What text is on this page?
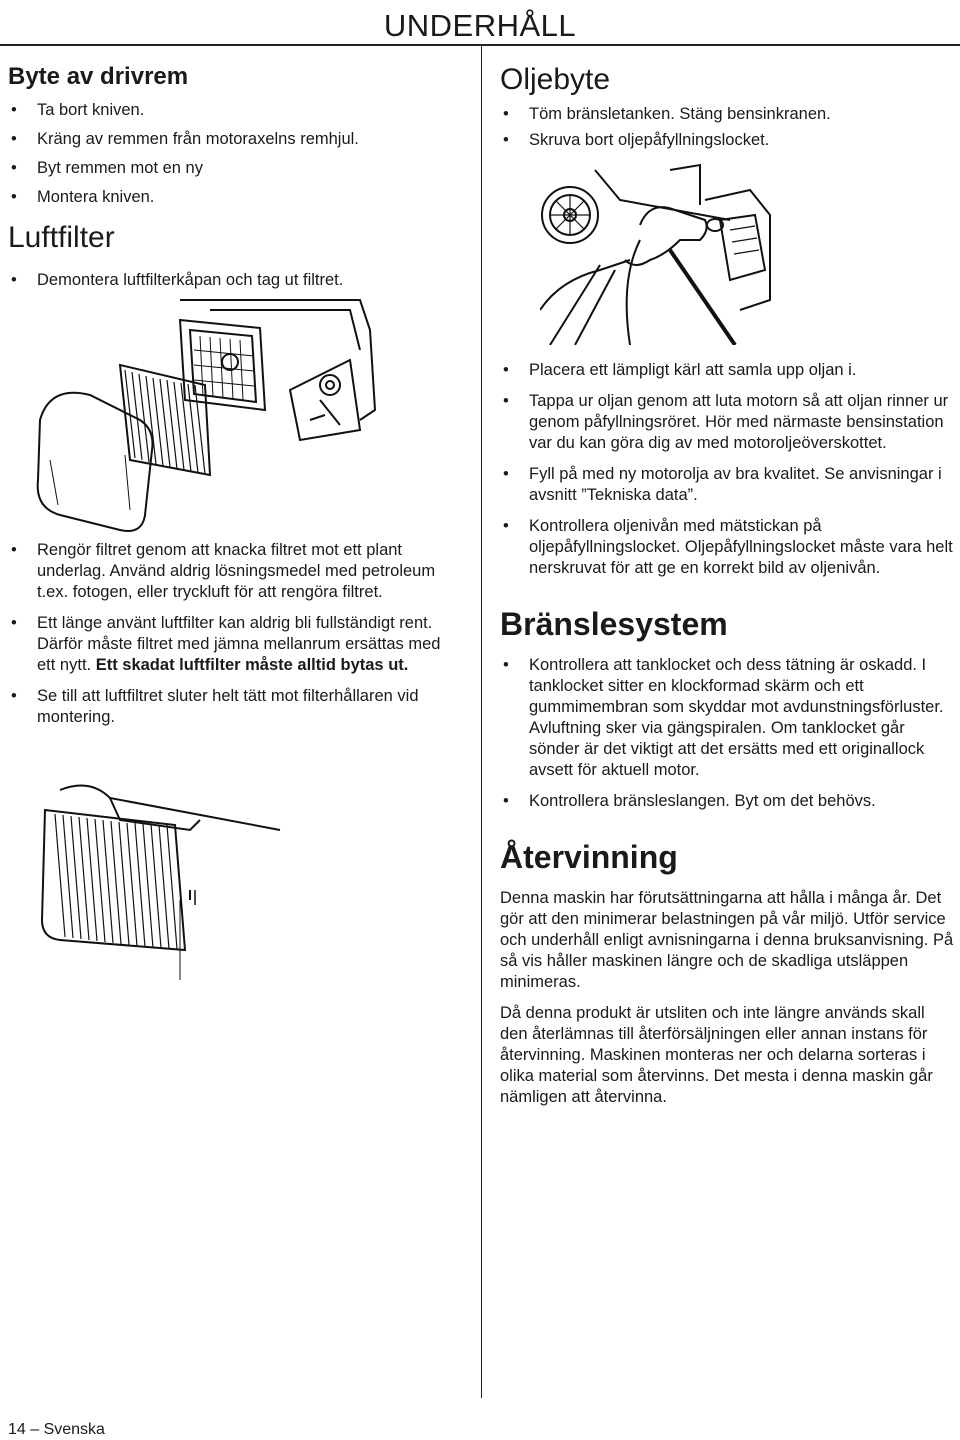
UNDERHÅLL
Byte av drivrem
• Ta bort kniven.
• Kräng av remmen från motoraxelns remhjul.
• Byt remmen mot en ny
• Montera kniven.
Luftfilter
• Demontera luftfilterkåpan och tag ut filtret.
• Rengör filtret genom att knacka filtret mot ett plant underlag. Använd aldrig lösningsmedel med petroleum t.ex. fotogen, eller tryckluft för att rengöra filtret.
• Ett länge använt luftfilter kan aldrig bli fullständigt rent. Därför måste filtret med jämna mellanrum ersättas med ett nytt. Ett skadat luftfilter måste alltid bytas ut.
• Se till att luftfiltret sluter helt tätt mot filterhållaren vid montering.
Oljebyte
• Töm bränsletanken. Stäng bensinkranen.
• Skruva bort oljepåfyllningslocket.
• Placera ett lämpligt kärl att samla upp oljan i.
• Tappa ur oljan genom att luta motorn så att oljan rinner ur genom påfyllningsröret. Hör med närmaste bensinstation var du kan göra dig av med motoroljeöverskottet.
• Fyll på med ny motorolja av bra kvalitet. Se anvisningar i avsnitt ”Tekniska data”.
• Kontrollera oljenivån med mätstickan på oljepåfyllningslocket. Oljepåfyllningslocket måste vara helt nerskruvat för att ge en korrekt bild av oljenivån.
Bränslesystem
• Kontrollera att tanklocket och dess tätning är oskadd. I tanklocket sitter en klockformad skärm och ett gummimembran som skyddar mot avdunstningsförluster. Avluftning sker via gängspiralen. Om tanklocket går sönder är det viktigt att det ersätts med ett originallock avsett för aktuell motor.
• Kontrollera bränsleslangen. Byt om det behövs.
Återvinning

Denna maskin har förutsättningarna att hålla i många år. Det gör att den minimerar belastningen på vår miljö. Utför service och underhåll enligt avnisningarna i denna bruksanvisning. På så vis håller maskinen längre och de skadliga utsläppen minimeras.

Då denna produkt är utsliten och inte längre används skall den återlämnas till återförsäljningen eller annan instans för återvinning. Maskinen monteras ner och delarna sorteras i olika material som återvinns. Det mesta i denna maskin går nämligen att återvinna.

14 – Svenska
